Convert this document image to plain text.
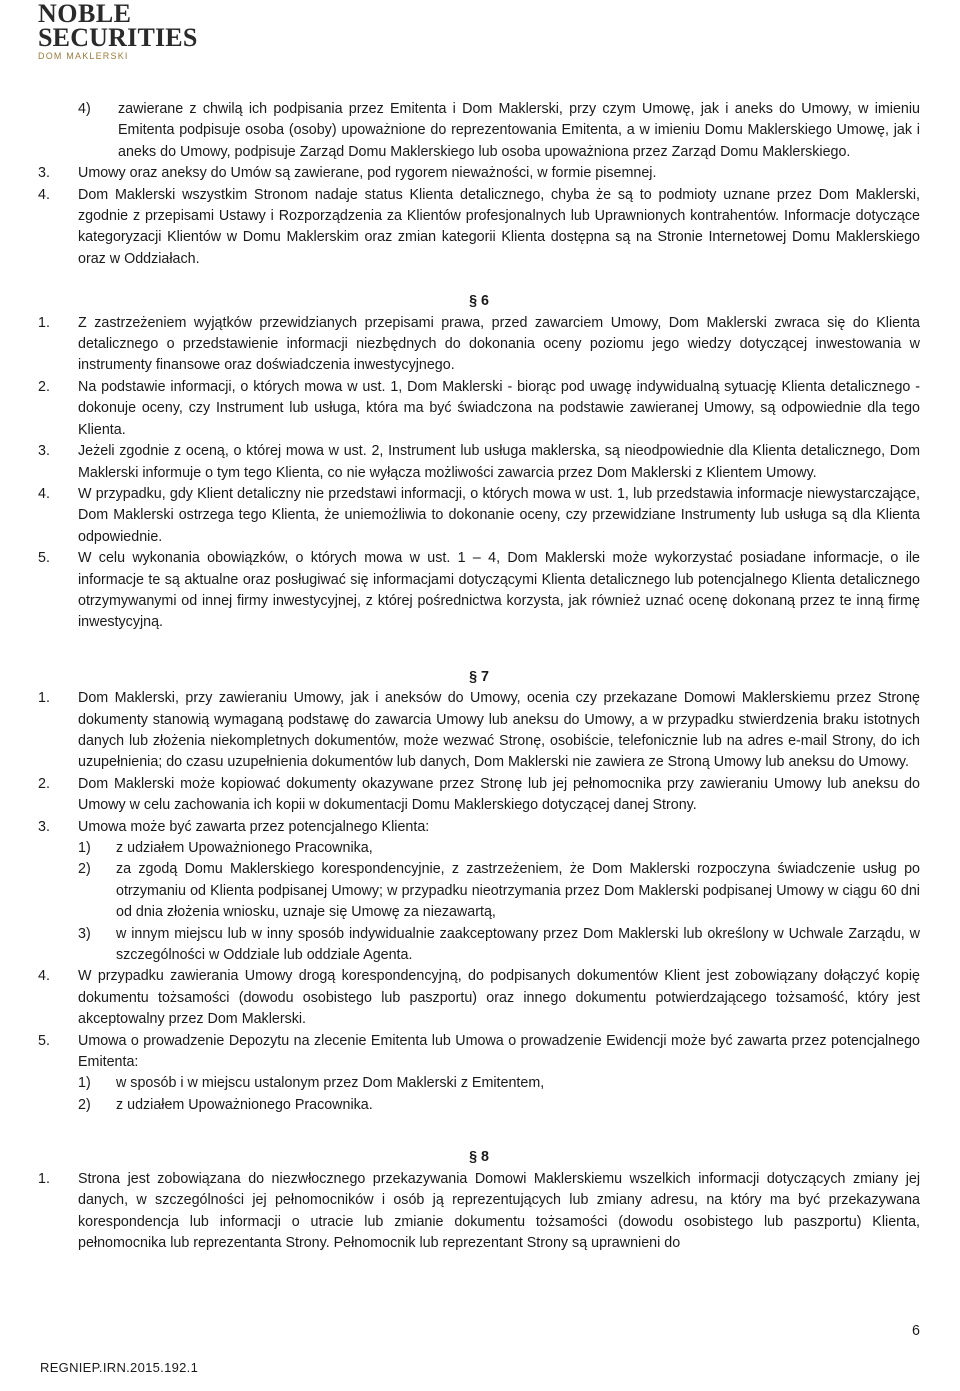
NOBLE
SECURITIES
DOM MAKLERSKI
4)	zawierane z chwilą ich podpisania przez Emitenta i Dom Maklerski, przy czym Umowę, jak i aneks do Umowy, w imieniu Emitenta podpisuje osoba (osoby) upoważnione do reprezentowania Emitenta, a w imieniu Domu Maklerskiego Umowę, jak i aneks do Umowy, podpisuje Zarząd Domu Maklerskiego lub osoba upoważniona przez Zarząd Domu Maklerskiego.
3.	Umowy oraz aneksy do Umów są zawierane, pod rygorem nieważności, w formie pisemnej.
4.	Dom Maklerski wszystkim Stronom nadaje status Klienta detalicznego, chyba że są to podmioty uznane przez Dom Maklerski, zgodnie z przepisami Ustawy i Rozporządzenia za Klientów profesjonalnych lub Uprawnionych kontrahentów. Informacje dotyczące kategoryzacji Klientów w Domu Maklerskim oraz zmian kategorii Klienta dostępna są na Stronie Internetowej Domu Maklerskiego oraz w Oddziałach.
§ 6
1.	Z zastrzeżeniem wyjątków przewidzianych przepisami prawa, przed zawarciem Umowy, Dom Maklerski zwraca się do Klienta detalicznego o przedstawienie informacji niezbędnych do dokonania oceny poziomu jego wiedzy dotyczącej inwestowania w instrumenty finansowe oraz doświadczenia inwestycyjnego.
2.	Na podstawie informacji, o których mowa w ust. 1, Dom Maklerski - biorąc pod uwagę indywidualną sytuację Klienta detalicznego - dokonuje oceny, czy Instrument lub usługa, która ma być świadczona na podstawie zawieranej Umowy, są odpowiednie dla tego Klienta.
3.	Jeżeli zgodnie z oceną, o której mowa w ust. 2, Instrument lub usługa maklerska, są nieodpowiednie dla Klienta detalicznego, Dom Maklerski informuje o tym tego Klienta, co nie wyłącza możliwości zawarcia przez Dom Maklerski z Klientem Umowy.
4.	W przypadku, gdy Klient detaliczny nie przedstawi informacji, o których mowa w ust. 1, lub przedstawia informacje niewystarczające, Dom Maklerski ostrzega tego Klienta, że uniemożliwia to dokonanie oceny, czy przewidziane Instrumenty lub usługa są dla Klienta odpowiednie.
5.	W celu wykonania obowiązków, o których mowa w ust. 1 – 4, Dom Maklerski może wykorzystać posiadane informacje, o ile informacje te są aktualne oraz posługiwać się informacjami dotyczącymi Klienta detalicznego lub potencjalnego Klienta detalicznego otrzymywanymi od innej firmy inwestycyjnej, z której pośrednictwa korzysta, jak również uznać ocenę dokonaną przez te inną firmę inwestycyjną.
§ 7
1.	Dom Maklerski, przy zawieraniu Umowy, jak i aneksów do Umowy, ocenia czy przekazane Domowi Maklerskiemu przez Stronę dokumenty stanowią wymaganą podstawę do zawarcia Umowy lub aneksu do Umowy, a w przypadku stwierdzenia braku istotnych danych lub złożenia niekompletnych dokumentów, może wezwać Stronę, osobiście, telefonicznie lub na adres e-mail Strony, do ich uzupełnienia; do czasu uzupełnienia dokumentów lub danych, Dom Maklerski nie zawiera ze Stroną Umowy lub aneksu do Umowy.
2.	Dom Maklerski może kopiować dokumenty okazywane przez Stronę lub jej pełnomocnika przy zawieraniu Umowy lub aneksu do Umowy w celu zachowania ich kopii w dokumentacji Domu Maklerskiego dotyczącej danej Strony.
3.	Umowa może być zawarta przez potencjalnego Klienta:
1)	z udziałem Upoważnionego Pracownika,
2)	za zgodą Domu Maklerskiego korespondencyjnie, z zastrzeżeniem, że Dom Maklerski rozpoczyna świadczenie usług po otrzymaniu od Klienta podpisanej Umowy; w przypadku nieotrzymania przez Dom Maklerski podpisanej Umowy w ciągu 60 dni od dnia złożenia wniosku, uznaje się Umowę za niezawartą,
3)	w innym miejscu lub w inny sposób indywidualnie zaakceptowany przez Dom Maklerski lub określony w Uchwale Zarządu, w szczególności w Oddziale lub oddziale Agenta.
4.	W przypadku zawierania Umowy drogą korespondencyjną, do podpisanych dokumentów Klient jest zobowiązany dołączyć kopię dokumentu tożsamości (dowodu osobistego lub paszportu) oraz innego dokumentu potwierdzającego tożsamość, który jest akceptowalny przez Dom Maklerski.
5.	Umowa o prowadzenie Depozytu na zlecenie Emitenta lub Umowa o prowadzenie Ewidencji może być zawarta przez potencjalnego Emitenta:
1)	w sposób i w miejscu ustalonym przez Dom Maklerski z Emitentem,
2)	z udziałem Upoważnionego Pracownika.
§ 8
1.	Strona jest zobowiązana do niezwłocznego przekazywania Domowi Maklerskiemu wszelkich informacji dotyczących zmiany jej danych, w szczególności jej pełnomocników i osób ją reprezentujących lub zmiany adresu, na który ma być przekazywana korespondencja lub informacji o utracie lub zmianie dokumentu tożsamości (dowodu osobistego lub paszportu) Klienta, pełnomocnika lub reprezentanta Strony. Pełnomocnik lub reprezentant Strony są uprawnieni do
6
REGNIEP.IRN.2015.192.1
